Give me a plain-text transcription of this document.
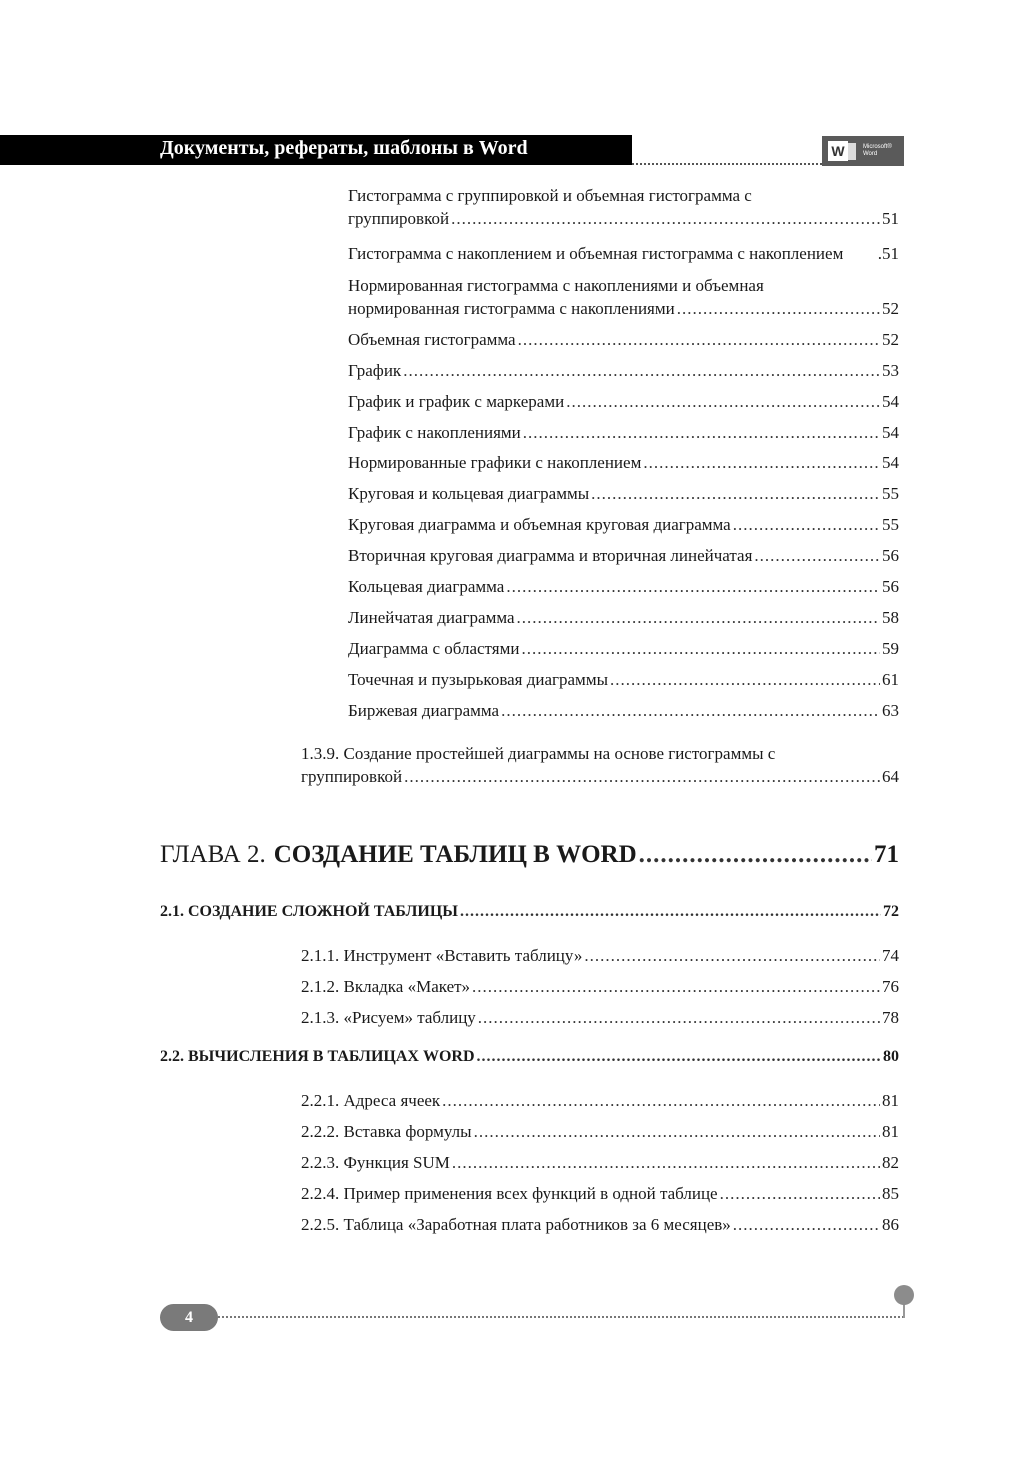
Документы, рефераты, шаблоны в Word	W	Microsoft®
Word
Гистограмма с группировкой и объемная гистограмма с
группировкой .....	51
Гистограмма с накоплением и объемная гистограмма с накоплением .51
Нормированная гистограмма с накоплениями и объемная
нормированная гистограмма с накоплениями .....	52
Объемная гистограмма .....	52
График .....	53
График и график с маркерами .....	54
График с накоплениями .....	54
Нормированные графики с накоплением .....	54
Круговая и кольцевая диаграммы .....	55
Круговая диаграмма и объемная круговая диаграмма .....	55
Вторичная круговая диаграмма и вторичная линейчатая .....	56
Кольцевая диаграмма .....	56
Линейчатая диаграмма .....	58
Диаграмма с областями .....	59
Точечная и пузырьковая диаграммы .....	61
Биржевая диаграмма .....	63
1.3.9. Создание простейшей диаграммы на основе гистограммы с
группировкой .....	64
ГЛАВА 2. СОЗДАНИЕ ТАБЛИЦ В WORD .....	71
2.1. СОЗДАНИЕ СЛОЖНОЙ ТАБЛИЦЫ .....	72
2.1.1. Инструмент «Вставить таблицу» .....	74
2.1.2. Вкладка «Макет» .....	76
2.1.3. «Рисуем» таблицу .....	78
2.2. ВЫЧИСЛЕНИЯ В ТАБЛИЦАХ WORD .....	80
2.2.1. Адреса ячеек .....	81
2.2.2. Вставка формулы .....	81
2.2.3. Функция SUM .....	82
2.2.4. Пример применения всех функций в одной таблице .....	85
2.2.5. Таблица «Заработная плата работников за 6 месяцев» .....	86
4
